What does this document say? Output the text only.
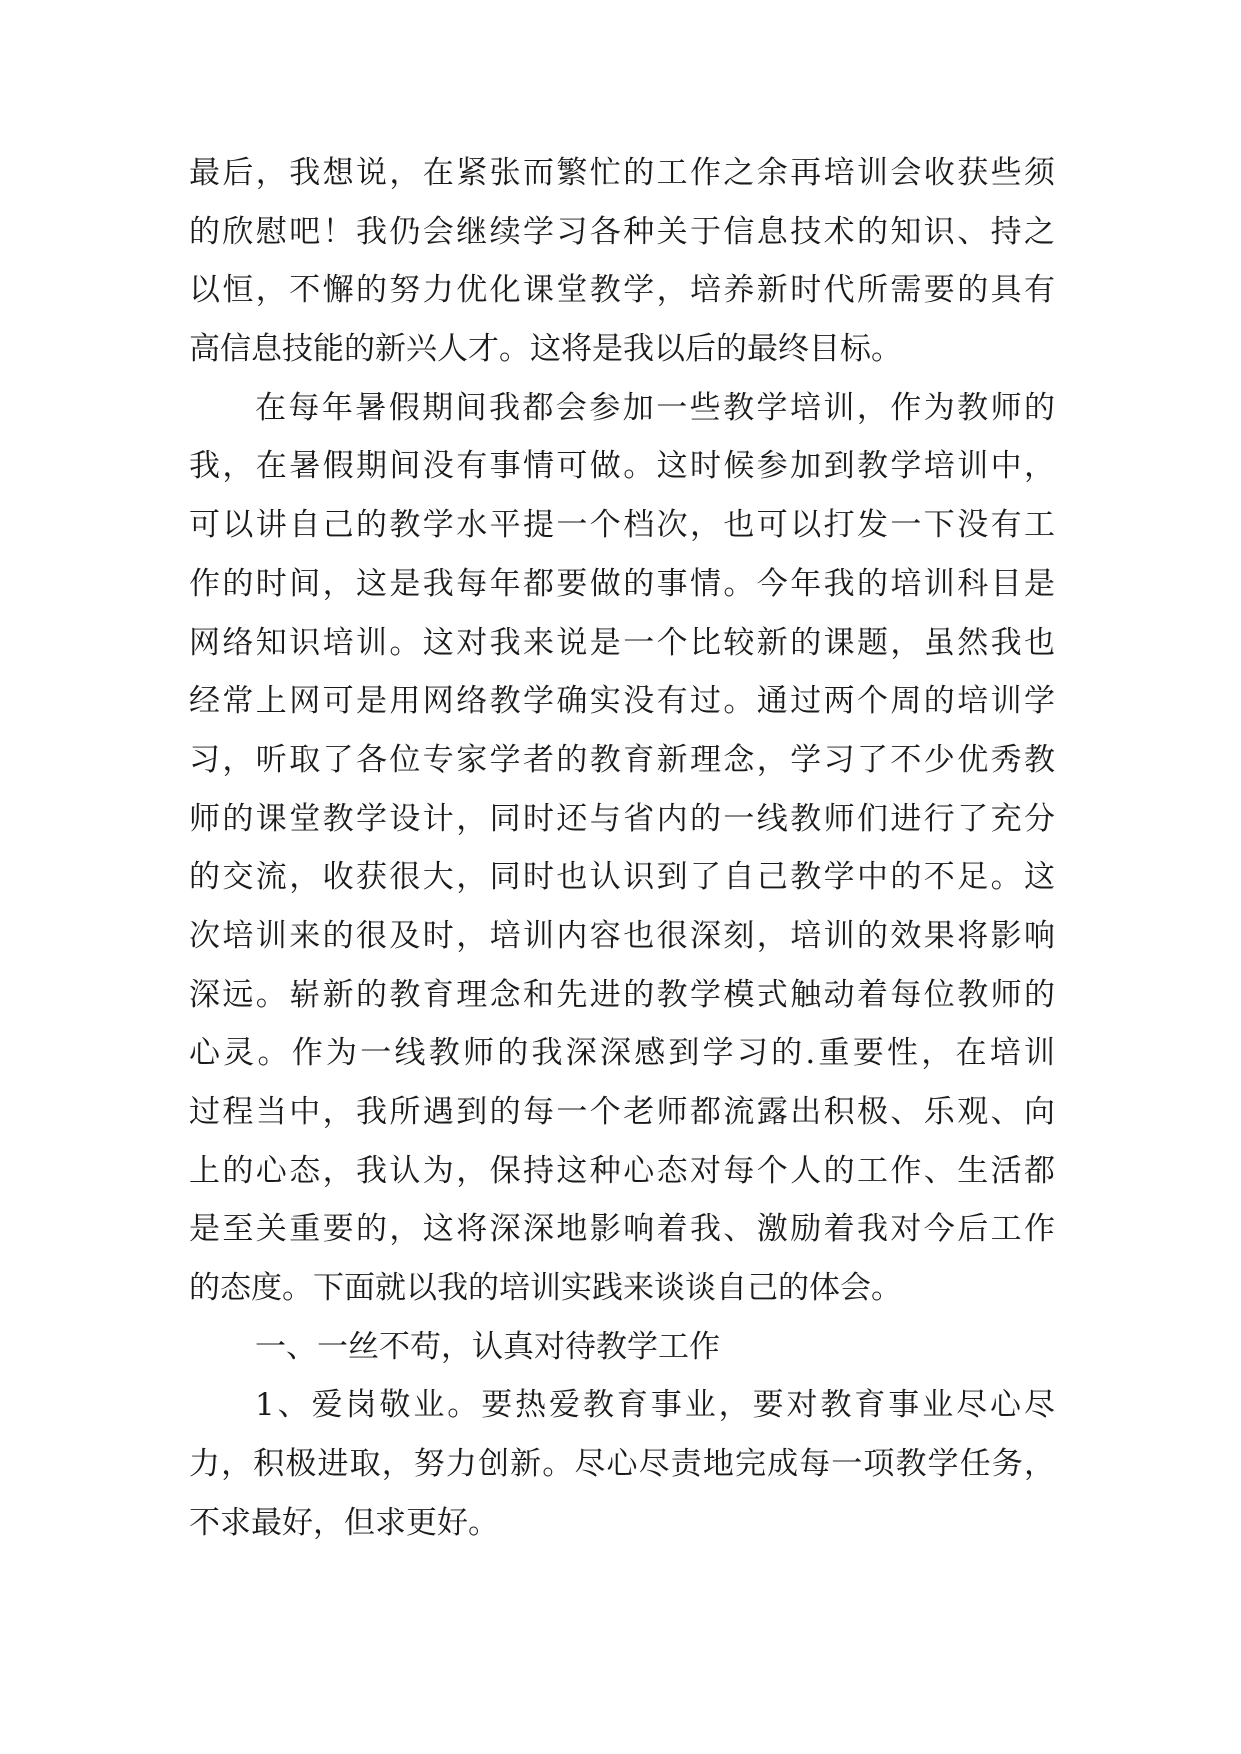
最后，我想说，在紧张而繁忙的工作之余再培训会收获些须
的欣慰吧！我仍会继续学习各种关于信息技术的知识、持之
以恒，不懈的努力优化课堂教学，培养新时代所需要的具有
高信息技能的新兴人才。这将是我以后的最终目标。
在每年暑假期间我都会参加一些教学培训，作为教师的
我，在暑假期间没有事情可做。这时候参加到教学培训中，
可以讲自己的教学水平提一个档次，也可以打发一下没有工
作的时间，这是我每年都要做的事情。今年我的培训科目是
网络知识培训。这对我来说是一个比较新的课题，虽然我也
经常上网可是用网络教学确实没有过。通过两个周的培训学
习，听取了各位专家学者的教育新理念，学习了不少优秀教
师的课堂教学设计，同时还与省内的一线教师们进行了充分
的交流，收获很大，同时也认识到了自己教学中的不足。这
次培训来的很及时，培训内容也很深刻，培训的效果将影响
深远。崭新的教育理念和先进的教学模式触动着每位教师的
心灵。作为一线教师的我深深感到学习的.重要性，在培训
过程当中，我所遇到的每一个老师都流露出积极、乐观、向
上的心态，我认为，保持这种心态对每个人的工作、生活都
是至关重要的，这将深深地影响着我、激励着我对今后工作
的态度。下面就以我的培训实践来谈谈自己的体会。
一、一丝不苟，认真对待教学工作
1、爱岗敬业。要热爱教育事业，要对教育事业尽心尽
力，积极进取，努力创新。尽心尽责地完成每一项教学任务，
不求最好，但求更好。
